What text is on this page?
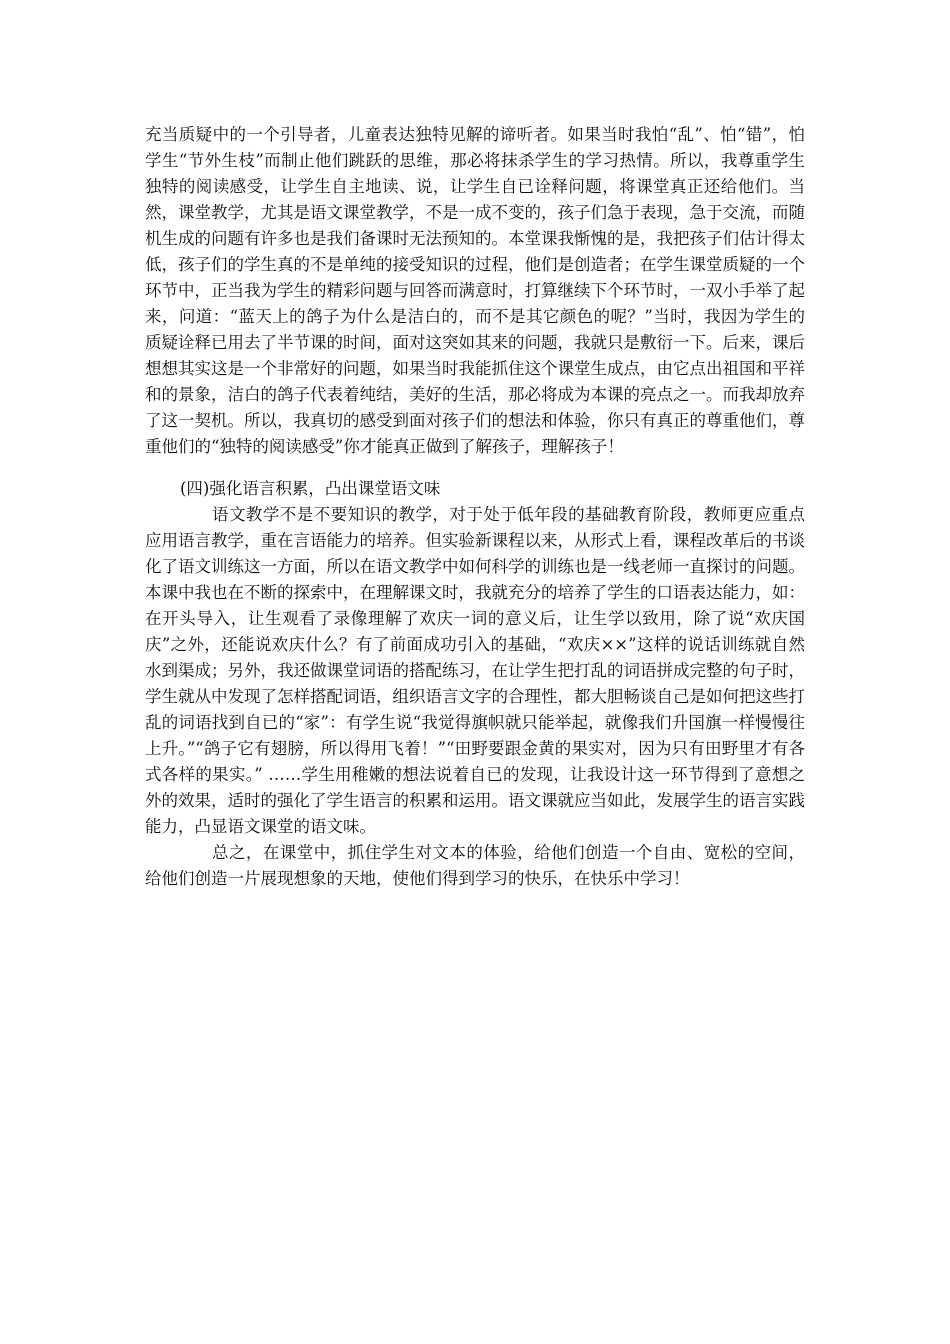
充当质疑中的一个引导者，儿童表达独特见解的谛听者。如果当时我怕“乱”、怕“错”，怕学生“节外生枝”而制止他们跳跃的思维，那必将抹杀学生的学习热情。所以，我尊重学生独特的阅读感受，让学生自主地读、说，让学生自已诠释问题，将课堂真正还给他们。当然，课堂教学，尤其是语文课堂教学，不是一成不变的，孩子们急于表现，急于交流，而随机生成的问题有许多也是我们备课时无法预知的。本堂课我惭愧的是，我把孩子们估计得太低，孩子们的学生真的不是单纯的接受知识的过程，他们是创造者；在学生课堂质疑的一个环节中，正当我为学生的精彩问题与回答而满意时，打算继续下个环节时，一双小手举了起来，问道：“蓝天上的鸽子为什么是洁白的，而不是其它颜色的呢？”当时，我因为学生的质疑诠释已用去了半节课的时间，面对这突如其来的问题，我就只是敷衍一下。后来，课后想想其实这是一个非常好的问题，如果当时我能抓住这个课堂生成点，由它点出祖国和平祥和的景象，洁白的鸽子代表着纯结，美好的生活，那必将成为本课的亮点之一。而我却放弃了这一契机。所以，我真切的感受到面对孩子们的想法和体验，你只有真正的尊重他们，尊重他们的“独特的阅读感受”你才能真正做到了解孩子，理解孩子！

(四)强化语言积累，凸出课堂语文味

语文教学不是不要知识的教学，对于处于低年段的基础教育阶段，教师更应重点应用语言教学，重在言语能力的培养。但实验新课程以来，从形式上看，课程改革后的书谈化了语文训练这一方面，所以在语文教学中如何科学的训练也是一线老师一直探讨的问题。本课中我也在不断的探索中，在理解课文时，我就充分的培养了学生的口语表达能力，如：在开头导入，让生观看了录像理解了欢庆一词的意义后，让生学以致用，除了说“欢庆国庆”之外，还能说欢庆什么？有了前面成功引入的基础，“欢庆××”这样的说话训练就自然水到渠成；另外，我还做课堂词语的搭配练习，在让学生把打乱的词语拼成完整的句子时，学生就从中发现了怎样搭配词语，组织语言文字的合理性，都大胆畅谈自己是如何把这些打乱的词语找到自已的“家”：有学生说“我觉得旗帜就只能举起，就像我们升国旗一样慢慢往上升。”“鸽子它有翅膀，所以得用飞着！”“田野要跟金黄的果实对，因为只有田野里才有各式各样的果实。” ……学生用稚嫩的想法说着自已的发现，让我设计这一环节得到了意想之外的效果，适时的强化了学生语言的积累和运用。语文课就应当如此，发展学生的语言实践能力，凸显语文课堂的语文味。

总之，在课堂中，抓住学生对文本的体验，给他们创造一个自由、宽松的空间，给他们创造一片展现想象的天地，使他们得到学习的快乐，在快乐中学习！
